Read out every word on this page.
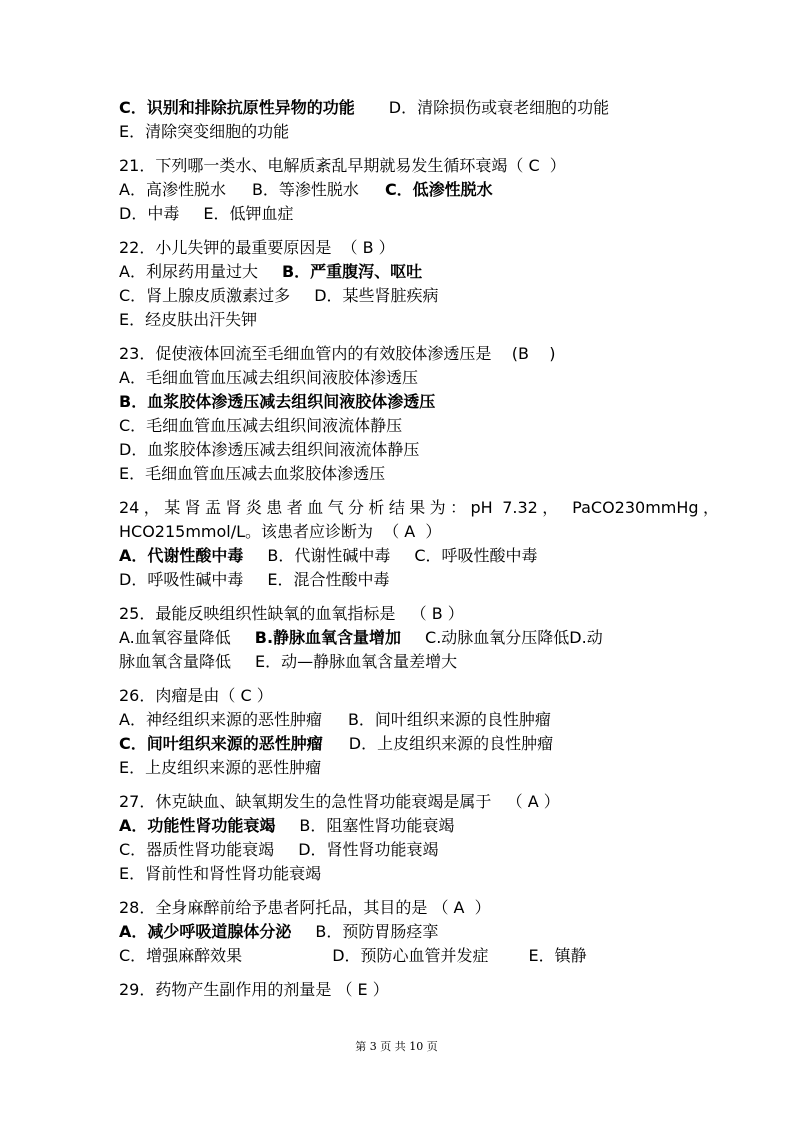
C．识别和排除抗原性异物的功能 D．清除损伤或衰老细胞的功能
E．清除突变细胞的功能
21．下列哪一类水、电解质紊乱早期就易发生循环衰竭（ C  ）
A．高渗性脱水 B．等渗性脱水 C．低渗性脱水
D．中毒 E．低钾血症
22．小儿失钾的最重要原因是  （ B ）
A．利尿药用量过大 B．严重腹泻、呕吐
C．肾上腺皮质激素过多 D．某些肾脏疾病
E．经皮肤出汗失钾
23．促使液体回流至毛细血管内的有效胶体渗透压是    (B    )
A．毛细血管血压减去组织间液胶体渗透压
B．血浆胶体渗透压减去组织间液胶体渗透压
C．毛细血管血压减去组织间液流体静压
D．血浆胶体渗透压减去组织间液流体静压
E．毛细血管血压减去血浆胶体渗透压
24，某肾盂肾炎患者血气分析结果为：pH 7.32， PaCO230mmHg，
HCO215mmol/L。该患者应诊断为  （ A  ）
A．代谢性酸中毒 B．代谢性碱中毒 C．呼吸性酸中毒
D．呼吸性碱中毒 E．混合性酸中毒
25．最能反映组织性缺氧的血氧指标是   （ B ）
A.血氧容量降低 B.静脉血氧含量增加 C.动脉血氧分压降低D.动
脉血氧含量降低 E．动—静脉血氧含量差增大
26．肉瘤是由（ C ）
A．神经组织来源的恶性肿瘤 B．间叶组织来源的良性肿瘤
C．间叶组织来源的恶性肿瘤 D．上皮组织来源的良性肿瘤
E．上皮组织来源的恶性肿瘤
27．休克缺血、缺氧期发生的急性肾功能衰竭是属于   （ A ）
A．功能性肾功能衰竭 B．阻塞性肾功能衰竭
C．器质性肾功能衰竭 D．肾性肾功能衰竭
E．肾前性和肾性肾功能衰竭
28．全身麻醉前给予患者阿托品，其目的是 （ A  ）
A．减少呼吸道腺体分泌 B．预防胃肠痉挛
C．增强麻醉效果	D．预防心血管并发症	E．镇静
29．药物产生副作用的剂量是 （ E ）
第 3 页 共 10 页
